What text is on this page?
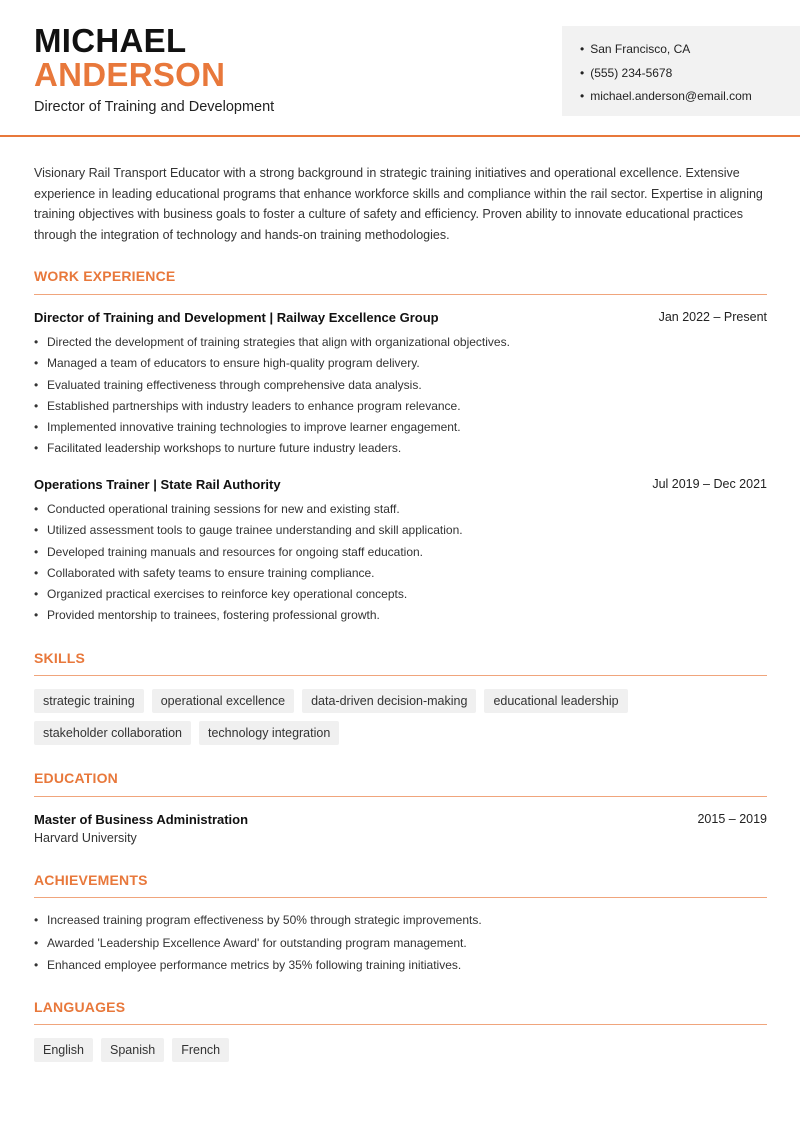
MICHAEL
ANDERSON
Director of Training and Development
• San Francisco, CA
• (555) 234-5678
• michael.anderson@email.com

Visionary Rail Transport Educator with a strong background in strategic training initiatives and operational excellence. Extensive experience in leading educational programs that enhance workforce skills and compliance within the rail sector. Expertise in aligning training objectives with business goals to foster a culture of safety and efficiency. Proven ability to innovate educational practices through the integration of technology and hands-on training methodologies.

WORK EXPERIENCE
Director of Training and Development | Railway Excellence Group	Jan 2022 – Present
• Directed the development of training strategies that align with organizational objectives.
• Managed a team of educators to ensure high-quality program delivery.
• Evaluated training effectiveness through comprehensive data analysis.
• Established partnerships with industry leaders to enhance program relevance.
• Implemented innovative training technologies to improve learner engagement.
• Facilitated leadership workshops to nurture future industry leaders.
Operations Trainer | State Rail Authority	Jul 2019 – Dec 2021
• Conducted operational training sessions for new and existing staff.
• Utilized assessment tools to gauge trainee understanding and skill application.
• Developed training manuals and resources for ongoing staff education.
• Collaborated with safety teams to ensure training compliance.
• Organized practical exercises to reinforce key operational concepts.
• Provided mentorship to trainees, fostering professional growth.
SKILLS
strategic training	operational excellence	data-driven decision-making	educational leadership
stakeholder collaboration	technology integration
EDUCATION
Master of Business Administration	2015 – 2019
Harvard University
ACHIEVEMENTS
• Increased training program effectiveness by 50% through strategic improvements.
• Awarded 'Leadership Excellence Award' for outstanding program management.
• Enhanced employee performance metrics by 35% following training initiatives.
LANGUAGES
English	Spanish	French
